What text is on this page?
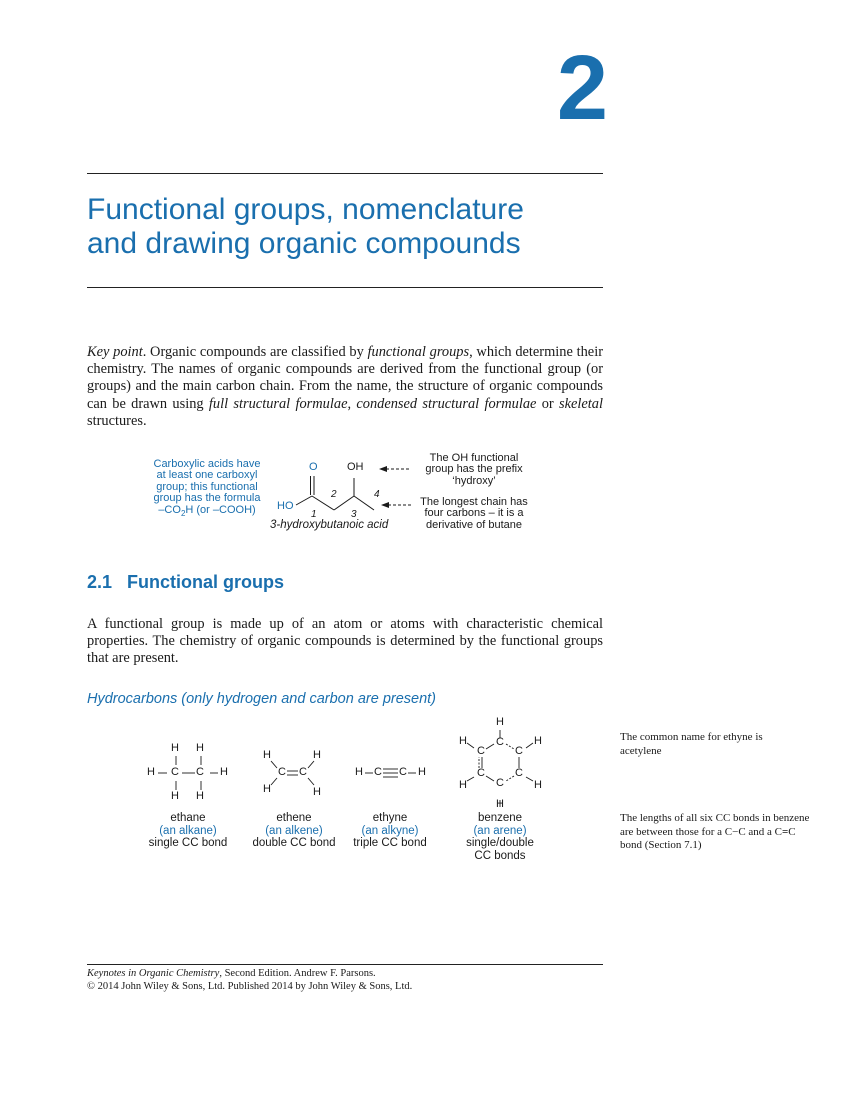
2
Functional groups, nomenclature
and drawing organic compounds
Key point. Organic compounds are classified by functional groups, which determine their chemistry. The names of organic compounds are derived from the functional group (or groups) and the main carbon chain. From the name, the structure of organic compounds can be drawn using full structural formulae, condensed structural formulae or skeletal structures.
Carboxylic acids have
at least one carboxyl
group; this functional
group has the formula
$-CO_2H$ (or –COOH)
O	OH
HO
1
2
3
4
3-hydroxybutanoic acid
The OH functional
group has the prefix
‘hydroxy’
The longest chain has
four carbons – it is a
derivative of butane
2.1 Functional groups
A functional group is made up of an atom or atoms with characteristic chemical properties. The chemistry of organic compounds is determined by the functional groups that are present.
Hydrocarbons (only hydrogen and carbon are present)
H H
H C C H
H H
H	H
C C
H	H
H C C H
H
C
H	H
C	C
C	C
H	H
C
H
ethane
(an alkane)
single CC bond
ethene
(an alkene)
double CC bond
ethyne
(an alkyne)
triple CC bond
benzene
(an arene)
single/double
CC bonds
The common name for ethyne is acetylene
The lengths of all six CC bonds in benzene are between those for a C−C and a C=C bond (Section 7.1)
Keynotes in Organic Chemistry, Second Edition. Andrew F. Parsons.
© 2014 John Wiley & Sons, Ltd. Published 2014 by John Wiley & Sons, Ltd.
